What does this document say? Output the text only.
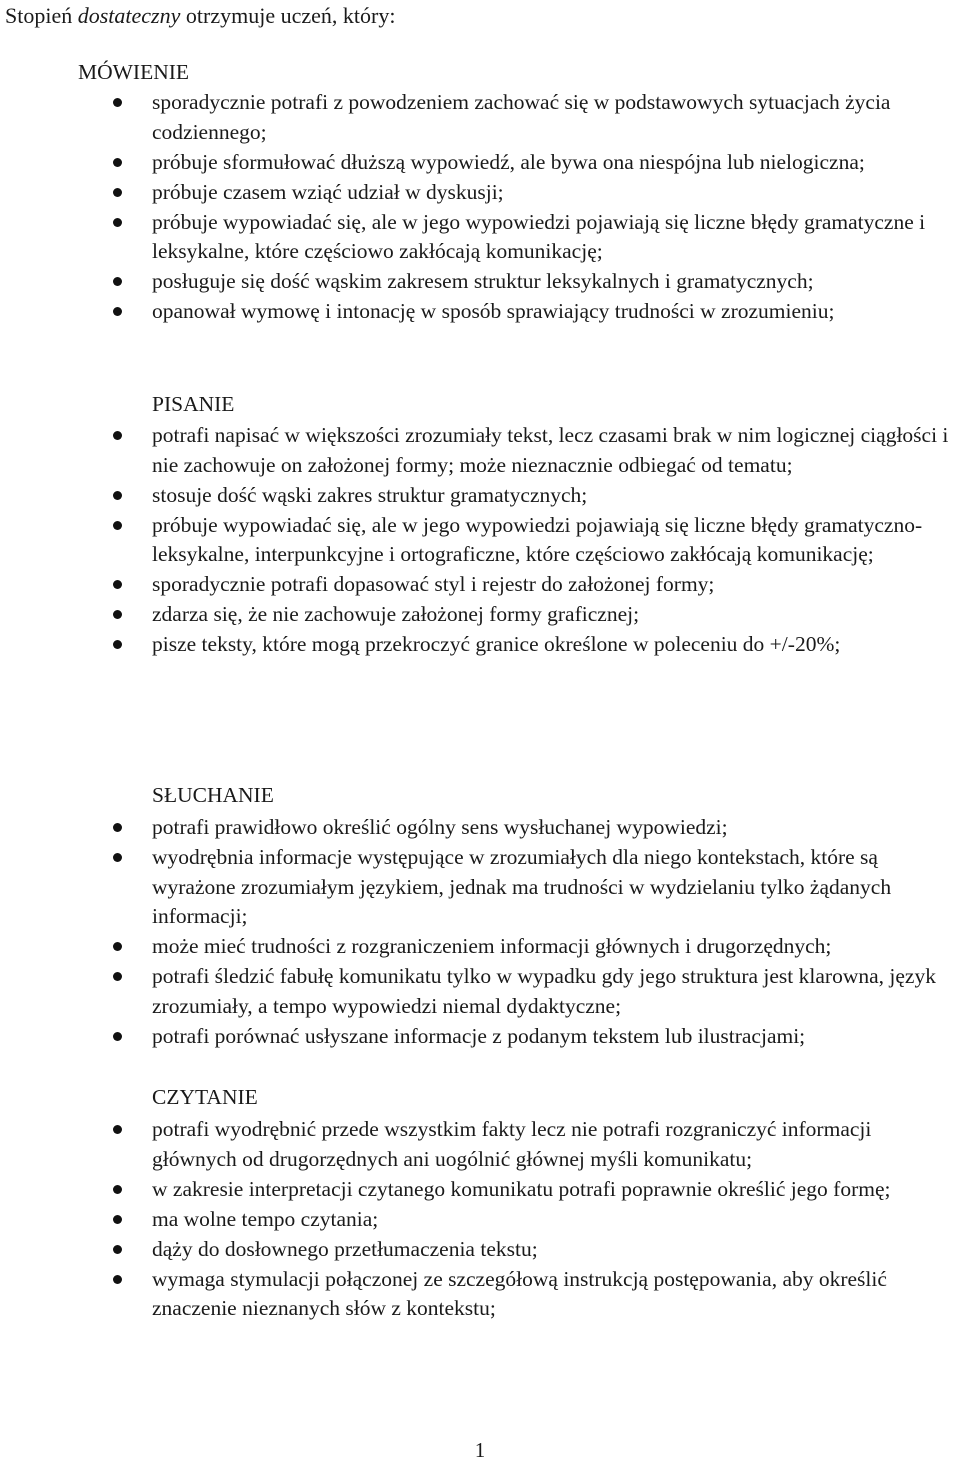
Stopień dostateczny otrzymuje uczeń, który:
MÓWIENIE
sporadycznie potrafi z powodzeniem zachować się w podstawowych sytuacjach życia codziennego;
próbuje sformułować dłuższą wypowiedź, ale bywa ona niespójna lub nielogiczna;
próbuje czasem wziąć udział w dyskusji;
próbuje wypowiadać się, ale w jego wypowiedzi pojawiają się liczne błędy gramatyczne i leksykalne, które częściowo zakłócają komunikację;
posługuje się dość wąskim zakresem struktur leksykalnych i gramatycznych;
opanował wymowę i intonację w sposób sprawiający trudności w zrozumieniu;
PISANIE
potrafi napisać w większości zrozumiały tekst, lecz czasami brak w nim logicznej ciągłości i nie zachowuje on założonej formy; może nieznacznie odbiegać od tematu;
stosuje dość wąski zakres struktur gramatycznych;
próbuje wypowiadać się, ale w jego wypowiedzi pojawiają się liczne błędy gramatyczno-leksykalne, interpunkcyjne i ortograficzne, które częściowo zakłócają komunikację;
sporadycznie potrafi dopasować styl i rejestr do założonej formy;
zdarza się, że nie zachowuje założonej formy graficznej;
pisze teksty, które mogą przekroczyć granice określone w poleceniu do +/-20%;
SŁUCHANIE
potrafi prawidłowo określić ogólny sens wysłuchanej wypowiedzi;
wyodrębnia informacje występujące w zrozumiałych dla niego kontekstach, które są wyrażone zrozumiałym językiem, jednak ma trudności w wydzielaniu tylko żądanych informacji;
może mieć trudności z rozgraniczeniem informacji głównych i drugorzędnych;
potrafi śledzić fabułę komunikatu tylko w wypadku gdy jego struktura jest klarowna, język zrozumiały, a tempo wypowiedzi niemal dydaktyczne;
potrafi porównać usłyszane informacje z podanym tekstem lub ilustracjami;
CZYTANIE
potrafi wyodrębnić przede wszystkim fakty lecz nie potrafi rozgraniczyć informacji głównych od drugorzędnych ani uogólnić głównej myśli komunikatu;
w zakresie interpretacji czytanego komunikatu potrafi poprawnie określić jego formę;
ma wolne tempo czytania;
dąży do dosłownego przetłumaczenia tekstu;
wymaga stymulacji połączonej ze szczegółową instrukcją postępowania, aby określić znaczenie nieznanych słów z kontekstu;
1
